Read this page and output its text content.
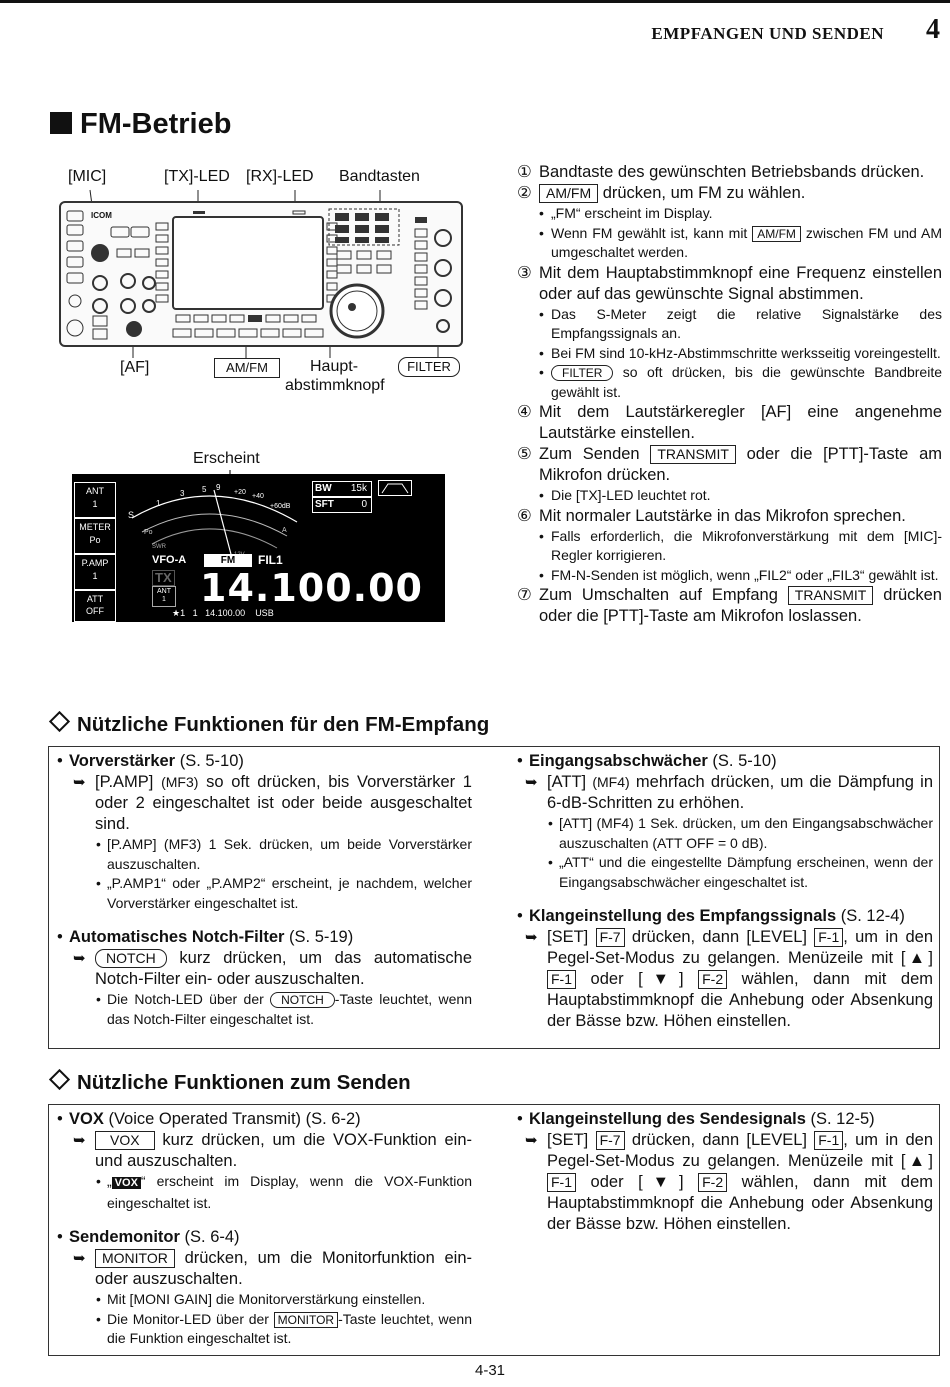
EMPFANGEN UND SENDEN 4
FM-Betrieb
[MIC]	[TX]-LED [RX]-LED Bandtasten
ICOM
[AF]	AM/FM	Haupt-
abstimmknopf
FILTER
Erscheint
ANT
1
METER
Po
P.AMP
1
ATT
OFF
S
1
3 5 9
+20
+40
+60dB
Po	A
SWR
BW 15k
SFT	0
VFO-A	FM	FIL1
TX
ANT
1 14.100.00
★1 1 14.100.00 USB

① Bandtaste des gewünschten Betriebsbands drücken.

② AM/FM drücken, um FM zu wählen.

• „FM“ erscheint im Display.
• Wenn FM gewählt ist, kann mit AM/FM zwischen FM und AM umgeschaltet werden.

③ Mit dem Hauptabstimmknopf eine Frequenz einstellen oder auf das gewünschte Signal abstimmen.

• Das S-Meter zeigt die relative Signalstärke des Empfangssignals an.
• Bei FM sind 10-kHz-Abstimmschritte werksseitig voreingestellt.
• FILTER so oft drücken, bis die gewünschte Bandbreite gewählt ist.

④ Mit dem Lautstärkeregler [AF] eine angenehme Lautstärke einstellen.

⑤ Zum Senden TRANSMIT oder die [PTT]-Taste am Mikrofon drücken.

• Die [TX]-LED leuchtet rot.

⑥ Mit normaler Lautstärke in das Mikrofon sprechen.

• Falls erforderlich, die Mikrofonverstärkung mit dem [MIC]-Regler korrigieren.
• FM-N-Senden ist möglich, wenn „FIL2“ oder „FIL3“ gewählt ist.

⑦ Zum Umschalten auf Empfang TRANSMIT drücken oder die [PTT]-Taste am Mikrofon loslassen.

Nützliche Funktionen für den FM-Empfang
• Vorverstärker (S. 5-10)
➥ [P.AMP] (MF3) so oft drücken, bis Vorverstärker 1 oder 2 eingeschaltet ist oder beide ausgeschaltet sind.
• [P.AMP] (MF3) 1 Sek. drücken, um beide Vorverstärker auszuschalten.
• „P.AMP1“ oder „P.AMP2“ erscheint, je nachdem, welcher Vorverstärker eingeschaltet ist.
• Automatisches Notch-Filter (S. 5-19)
➥ NOTCH kurz drücken, um das automatische Notch-Filter ein- oder auszuschalten.
• Die Notch-LED über der NOTCH -Taste leuchtet, wenn das Notch-Filter eingeschaltet ist.
• Eingangsabschwächer (S. 5-10)
➥ [ATT] (MF4) mehrfach drücken, um die Dämpfung in 6-dB-Schritten zu erhöhen.
• [ATT] (MF4) 1 Sek. drücken, um den Eingangsabschwächer auszuschalten (ATT OFF = 0 dB).
• „ATT“ und die eingestellte Dämpfung erscheinen, wenn der Eingangsabschwächer eingeschaltet ist.
• Klangeinstellung des Empfangssignals (S. 12-4)
➥ [SET] F-7 drücken, dann [LEVEL] F-1 , um in den Pegel-Set-Modus zu gelangen. Menüzeile mit [▲] F-1 oder [▼] F-2 wählen, dann mit dem Hauptabstimmknopf die Anhebung oder Absenkung der Bässe bzw. Höhen einstellen.
Nützliche Funktionen zum Senden
• VOX (Voice Operated Transmit) (S. 6-2)
➥ VOX kurz drücken, um die VOX-Funktion ein- und auszuschalten.
• „ VOX “ erscheint im Display, wenn die VOX-Funktion eingeschaltet ist.
• Sendemonitor (S. 6-4)
➥ MONITOR drücken, um die Monitorfunktion ein- oder auszuschalten.
• Mit [MONI GAIN] die Monitorverstärkung einstellen.
• Die Monitor-LED über der MONITOR -Taste leuchtet, wenn die Funktion eingeschaltet ist.
• Klangeinstellung des Sendesignals (S. 12-5)
➥ [SET] F-7 drücken, dann [LEVEL] F-1 , um in den Pegel-Set-Modus zu gelangen. Menüzeile mit [▲] F-1 oder [▼] F-2 wählen, dann mit dem Hauptabstimmknopf die Anhebung oder Absenkung der Bässe bzw. Höhen einstellen.
4-31
